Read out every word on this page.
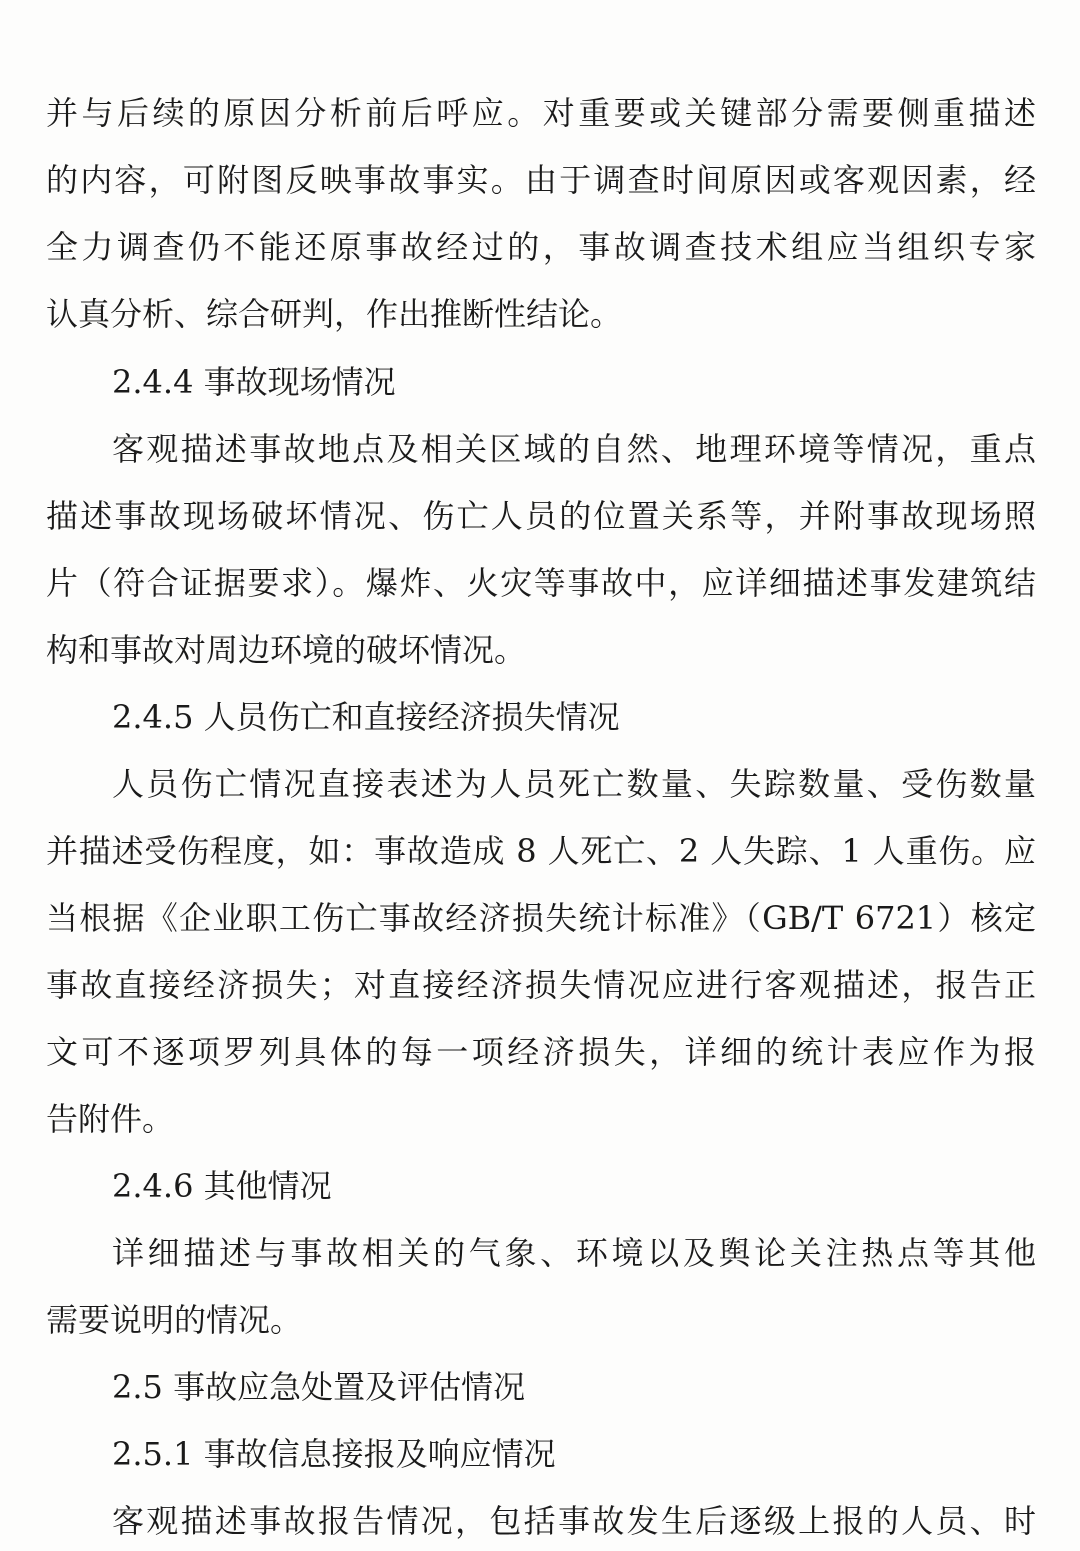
并与后续的原因分析前后呼应。对重要或关键部分需要侧重描述
的内容，可附图反映事故事实。由于调查时间原因或客观因素，经
全力调查仍不能还原事故经过的，事故调查技术组应当组织专家
认真分析、综合研判，作出推断性结论。
2.4.4 事故现场情况
客观描述事故地点及相关区域的自然、地理环境等情况，重点
描述事故现场破坏情况、伤亡人员的位置关系等，并附事故现场照
片（符合证据要求）。爆炸、火灾等事故中，应详细描述事发建筑结
构和事故对周边环境的破坏情况。
2.4.5 人员伤亡和直接经济损失情况
人员伤亡情况直接表述为人员死亡数量、失踪数量、受伤数量
并描述受伤程度，如：事故造成 8 人死亡、2 人失踪、1 人重伤。应
当根据《企业职工伤亡事故经济损失统计标准》（GB/T 6721）核定
事故直接经济损失；对直接经济损失情况应进行客观描述，报告正
文可不逐项罗列具体的每一项经济损失，详细的统计表应作为报
告附件。
2.4.6 其他情况
详细描述与事故相关的气象、环境以及舆论关注热点等其他
需要说明的情况。
2.5 事故应急处置及评估情况
2.5.1 事故信息接报及响应情况
客观描述事故报告情况，包括事故发生后逐级上报的人员、时
